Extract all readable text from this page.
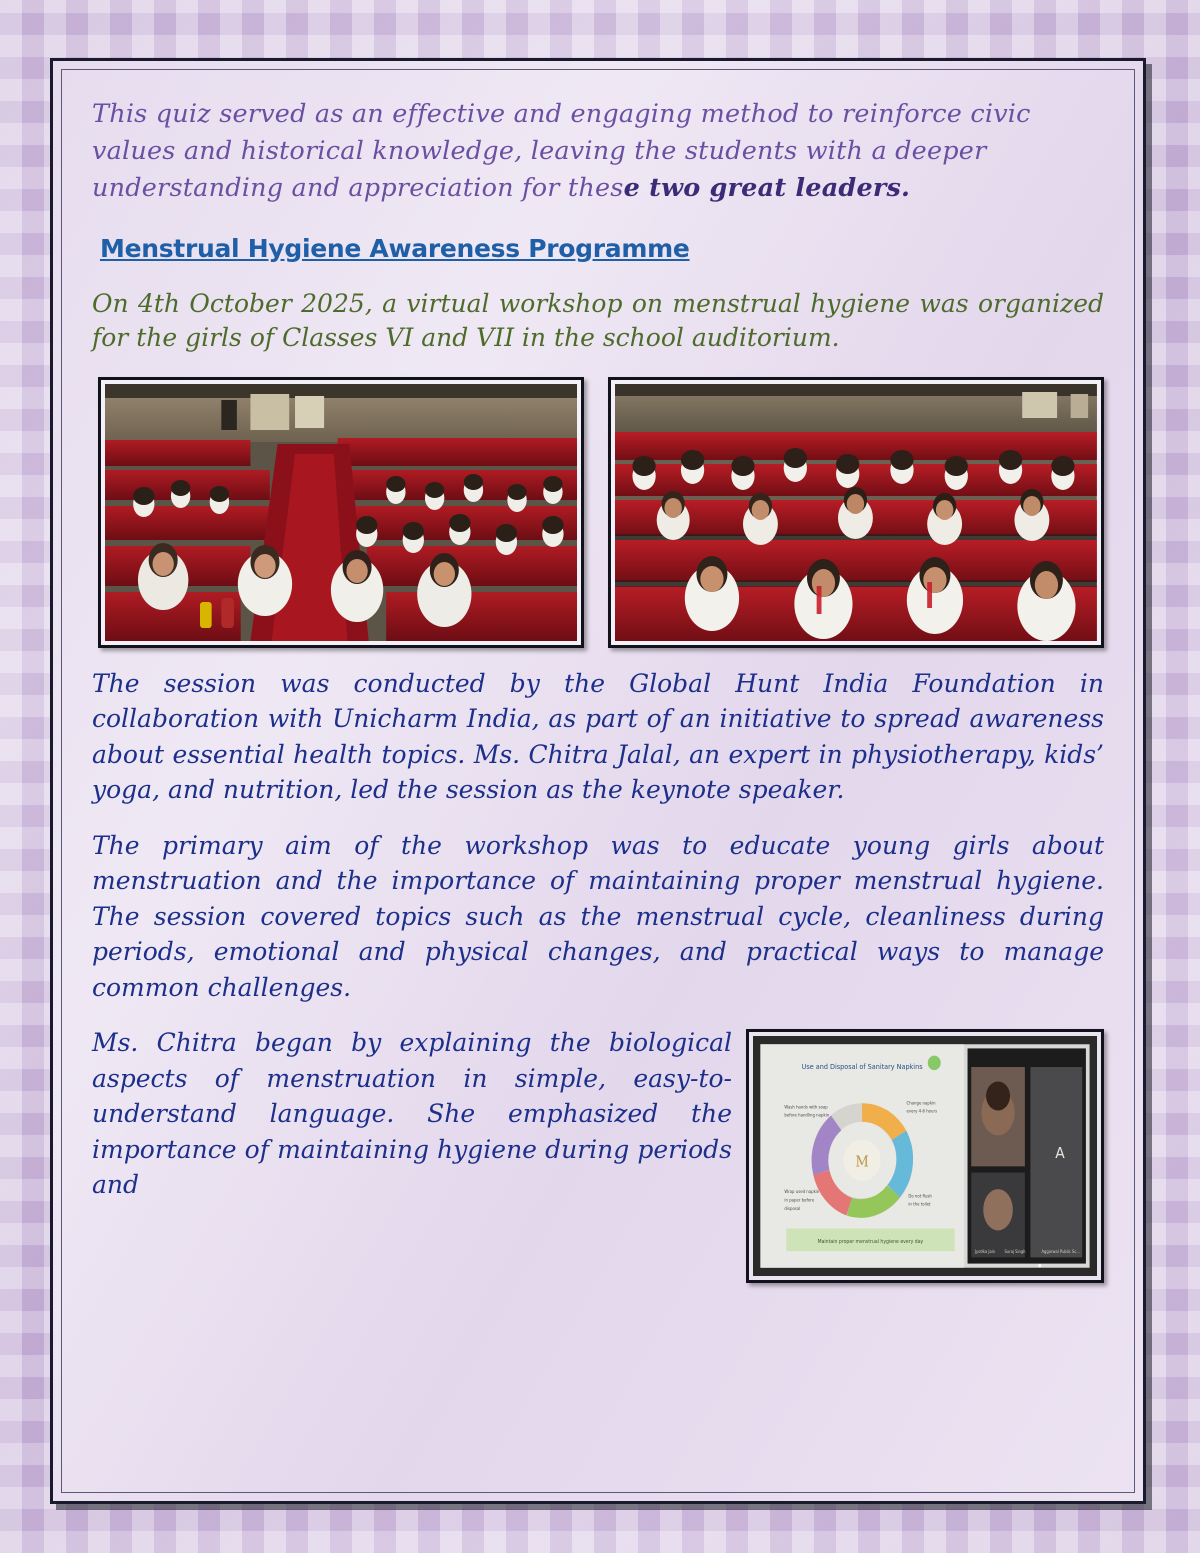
This quiz served as an effective and engaging method to reinforce civic values and historical knowledge, leaving the students with a deeper understanding and appreciation for these two great leaders.

Menstrual Hygiene Awareness Programme

On 4th October 2025, a virtual workshop on menstrual hygiene was organized for the girls of Classes VI and VII in the school auditorium.

The session was conducted by the Global Hunt India Foundation in collaboration with Unicharm India, as part of an initiative to spread awareness about essential health topics. Ms. Chitra Jalal, an expert in physiotherapy, kids’ yoga, and nutrition, led the session as the keynote speaker.

The primary aim of the workshop was to educate young girls about menstruation and the importance of maintaining proper menstrual hygiene. The session covered topics such as the menstrual cycle, cleanliness during periods, emotional and physical changes, and practical ways to manage common challenges.

Ms. Chitra began by explaining the biological aspects of menstruation in simple, easy-to-understand language. She emphasized the importance of maintaining hygiene during periods and

Use and Disposal of Sanitary Napkins
M
Wash hands with soap
before handling napkin
Change napkin
every 4-6 hours
Wrap used napkin
in paper before
disposal
Do not flush
in the toilet
Maintain proper menstrual hygiene every day
A
Jyotika Jain Suraj Singh	Aggarwal Public Sc...
